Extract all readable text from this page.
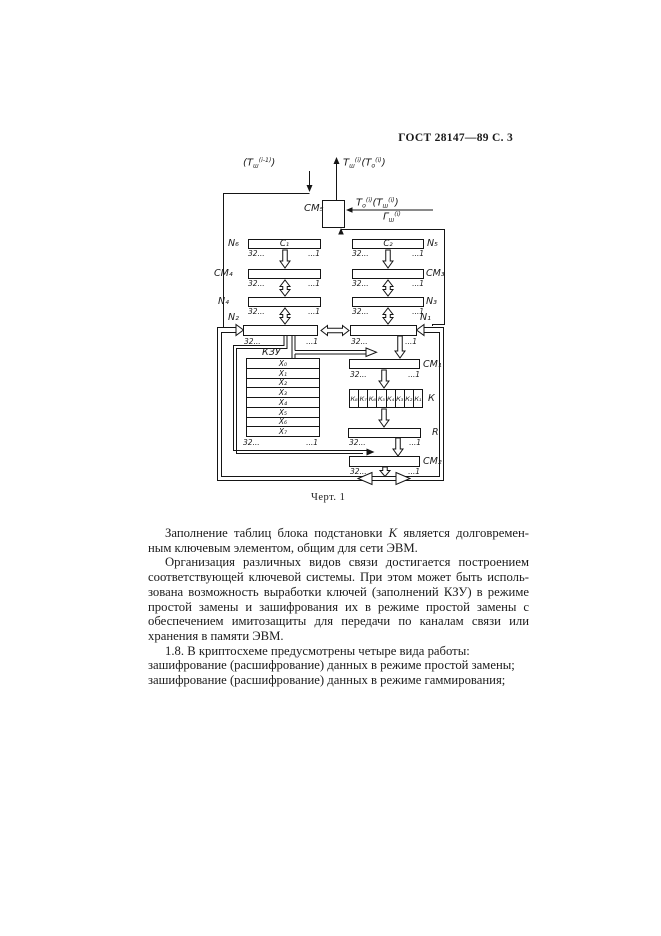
ГОСТ 28147—89 С. 3
С₁	С₂
К₈ К₇ К₆ К₅ К₄ К₃ К₂ К₁
Х₀
Х₁
Х₂
Х₃
Х₄
Х₅
Х₆
Х₇
$(Т_ш^{(i-1)})$	$Т_ш^{(i)}(Т_о^{(i)})$
$Т_о^{(i)}(Т_ш^{(i)})$
$Г_ш^{(i)}$
СМ₅
N₆	N₅
СМ₄	СМ₃
N₄	N₃
N₂	N₁
СМ₁
К
R
СМ₂
КЗУ
32...	...1	32...	...1
32...	...1	32...	...1
32...	...1	32...	...1
32...	...1	32...	...1
32...	...1
32...	...1	32...	...1
32...	...1
Черт. 1
Заполнение таблиц блока подстановки К является долговремен-
ным ключевым элементом, общим для сети ЭВМ.
Организация различных видов связи достигается построением
соответствующей ключевой системы. При этом может быть исполь-
зована возможность выработки ключей (заполнений КЗУ) в режиме
простой замены и зашифрования их в режиме простой замены с
обеспечением имитозащиты для передачи по каналам связи или
хранения в памяти ЭВМ.
1.8. В криптосхеме предусмотрены четыре вида работы:
зашифрование (расшифрование) данных в режиме простой замены;
зашифрование (расшифрование) данных в режиме гаммирования;
